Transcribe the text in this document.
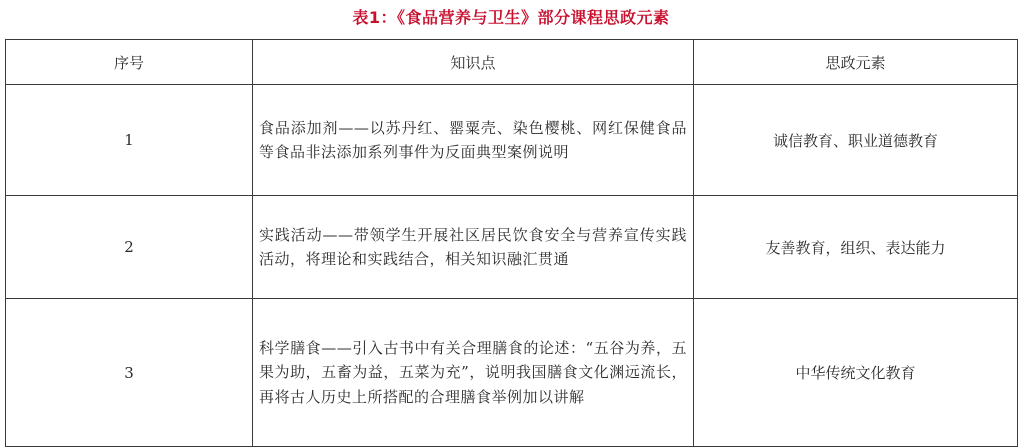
表1：《食品营养与卫生》部分课程思政元素
序号	知识点	思政元素
1	食品添加剂——以苏丹红、罂粟壳、染色樱桃、网红保健食品等食品非法添加系列事件为反面典型案例说明	诚信教育、职业道德教育
2	实践活动——带领学生开展社区居民饮食安全与营养宣传实践活动，将理论和实践结合，相关知识融汇贯通	友善教育，组织、表达能力
3	科学膳食——引入古书中有关合理膳食的论述：“五谷为养，五果为助，五畜为益，五菜为充”，说明我国膳食文化渊远流长，再将古人历史上所搭配的合理膳食举例加以讲解	中华传统文化教育
